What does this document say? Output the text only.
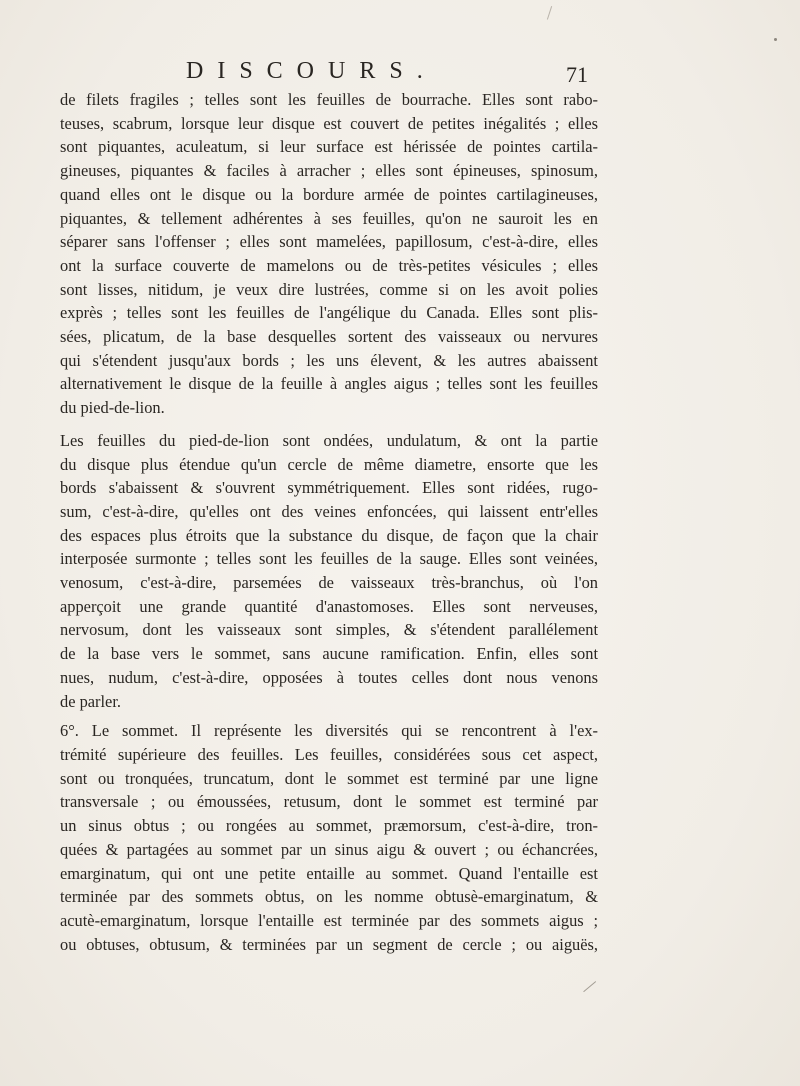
DISCOURS.	71

de filets fragiles ; telles sont les feuilles de bourrache. Elles sont rabo-
teuses, scabrum, lorsque leur disque est couvert de petites inégalités ; elles
sont piquantes, aculeatum, si leur surface est hérissée de pointes cartila-
gineuses, piquantes & faciles à arracher ; elles sont épineuses, spinosum,
quand elles ont le disque ou la bordure armée de pointes cartilagineuses,
piquantes, & tellement adhérentes à ses feuilles, qu'on ne sauroit les en
séparer sans l'offenser ; elles sont mamelées, papillosum, c'est-à-dire, elles
ont la surface couverte de mamelons ou de très-petites vésicules ; elles
sont lisses, nitidum, je veux dire lustrées, comme si on les avoit polies
exprès ; telles sont les feuilles de l'angélique du Canada. Elles sont plis-
sées, plicatum, de la base desquelles sortent des vaisseaux ou nervures
qui s'étendent jusqu'aux bords ; les uns élevent, & les autres abaissent
alternativement le disque de la feuille à angles aigus ; telles sont les feuilles
du pied-de-lion.

Les feuilles du pied-de-lion sont ondées, undulatum, & ont la partie
du disque plus étendue qu'un cercle de même diametre, ensorte que les
bords s'abaissent & s'ouvrent symmétriquement. Elles sont ridées, rugo-
sum, c'est-à-dire, qu'elles ont des veines enfoncées, qui laissent entr'elles
des espaces plus étroits que la substance du disque, de façon que la chair
interposée surmonte ; telles sont les feuilles de la sauge. Elles sont veinées,
venosum, c'est-à-dire, parsemées de vaisseaux très-branchus, où l'on
apperçoit une grande quantité d'anastomoses. Elles sont nerveuses,
nervosum, dont les vaisseaux sont simples, & s'étendent parallélement
de la base vers le sommet, sans aucune ramification. Enfin, elles sont
nues, nudum, c'est-à-dire, opposées à toutes celles dont nous venons
de parler.

6°. Le sommet. Il représente les diversités qui se rencontrent à l'ex-
trémité supérieure des feuilles. Les feuilles, considérées sous cet aspect,
sont ou tronquées, truncatum, dont le sommet est terminé par une ligne
transversale ; ou émoussées, retusum, dont le sommet est terminé par
un sinus obtus ; ou rongées au sommet, præmorsum, c'est-à-dire, tron-
quées & partagées au sommet par un sinus aigu & ouvert ; ou échancrées,
emarginatum, qui ont une petite entaille au sommet. Quand l'entaille est
terminée par des sommets obtus, on les nomme obtusè-emarginatum, &
acutè-emarginatum, lorsque l'entaille est terminée par des sommets aigus ;
ou obtuses, obtusum, & terminées par un segment de cercle ; ou aiguës,
